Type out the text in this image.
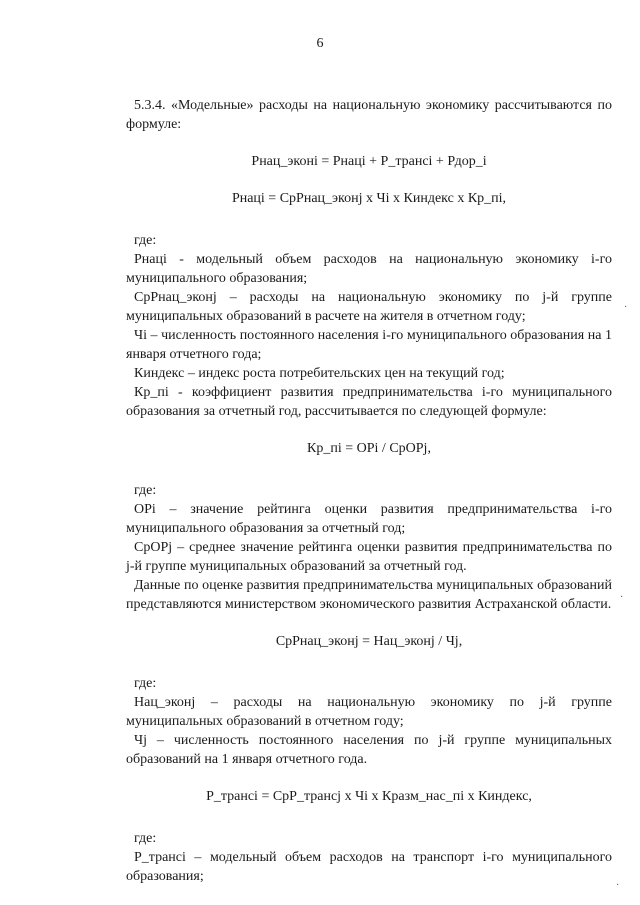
6

5.3.4. «Модельные» расходы на национальную экономику рассчитываются по формуле:

Рнац_эконі = Рнаці + Р_трансі + Рдор_і

Рнаці = СрРнац_эконј х Чі х Киндекс х Кр_пі,

где:

Рнаці - модельный объем расходов на национальную экономику і-го муниципального образования;

СрРнац_эконј – расходы на национальную экономику по ј-й группе муниципальных образований в расчете на жителя в отчетном году;

Чі – численность постоянного населения і-го муниципального образования на 1 января отчетного года;

Киндекс – индекс роста потребительских цен на текущий год;

Кр_пі - коэффициент развития предпринимательства і-го муниципального образования за отчетный год, рассчитывается по следующей формуле:

Кр_пі = ОРі / СрОРј,

где:

ОРі – значение рейтинга оценки развития предпринимательства і-го муниципального образования за отчетный год;

СрОРј – среднее значение рейтинга оценки развития предпринимательства по ј-й группе муниципальных образований за отчетный год.

Данные по оценке развития предпринимательства муниципальных образований представляются министерством экономического развития Астраханской области.

СрРнац_эконј = Нац_эконј / Чј,

где:

Нац_эконј – расходы на национальную экономику по ј-й группе муниципальных образований в отчетном году;

Чј – численность постоянного населения по ј-й группе муниципальных образований на 1 января отчетного года.

Р_трансі = СрР_трансј х Чі х Кразм_нас_пі х Киндекс,

где:

Р_трансі – модельный объем расходов на транспорт і-го муниципального образования;

·
·
·
